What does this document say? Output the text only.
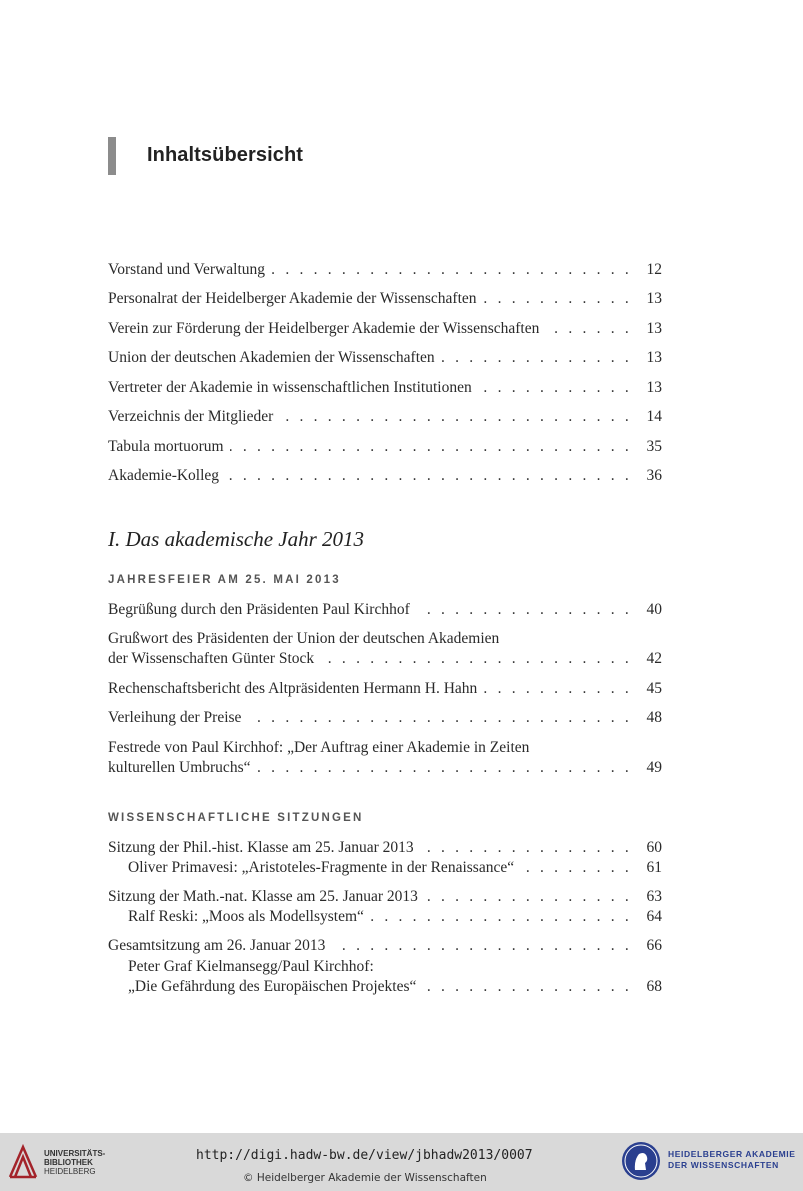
Inhaltsübersicht
Vorstand und Verwaltung . . .	12
Personalrat der Heidelberger Akademie der Wissenschaften . . .	13
Verein zur Förderung der Heidelberger Akademie der Wissenschaften . . .	13
Union der deutschen Akademien der Wissenschaften . . .	13
Vertreter der Akademie in wissenschaftlichen Institutionen . . .	13
Verzeichnis der Mitglieder . . .	14
Tabula mortuorum . . .	35
Akademie-Kolleg . . .	36
Begrüßung durch den Präsidenten Paul Kirchhof . . .	40
Grußwort des Präsidenten der Union der deutschen Akademien
der Wissenschaften Günter Stock . . .	42
Rechenschaftsbericht des Altpräsidenten Hermann H. Hahn . . .	45
Verleihung der Preise . . .	48
Festrede von Paul Kirchhof: „Der Auftrag einer Akademie in Zeiten
kulturellen Umbruchs“ . . .	49
Sitzung der Phil.-hist. Klasse am 25. Januar 2013 . . .	60
Oliver Primavesi: „Aristoteles-Fragmente in der Renaissance“ . . .	61
Sitzung der Math.-nat. Klasse am 25. Januar 2013 . . .	63
Ralf Reski: „Moos als Modellsystem“ . . .	64
Gesamtsitzung am 26. Januar 2013 . . .	66
Peter Graf Kielmansegg/Paul Kirchhof:
„Die Gefährdung des Europäischen Projektes“ . . .	68
I. Das akademische Jahr 2013
JAHRESFEIER AM 25. MAI 2013
WISSENSCHAFTLICHE SITZUNGEN
UNIVERSITÄTS-
BIBLIOTHEK
HEIDELBERG
http://digi.hadw-bw.de/view/jbhadw2013/0007
© Heidelberger Akademie der Wissenschaften
HEIDELBERGER AKADEMIE
DER WISSENSCHAFTEN
